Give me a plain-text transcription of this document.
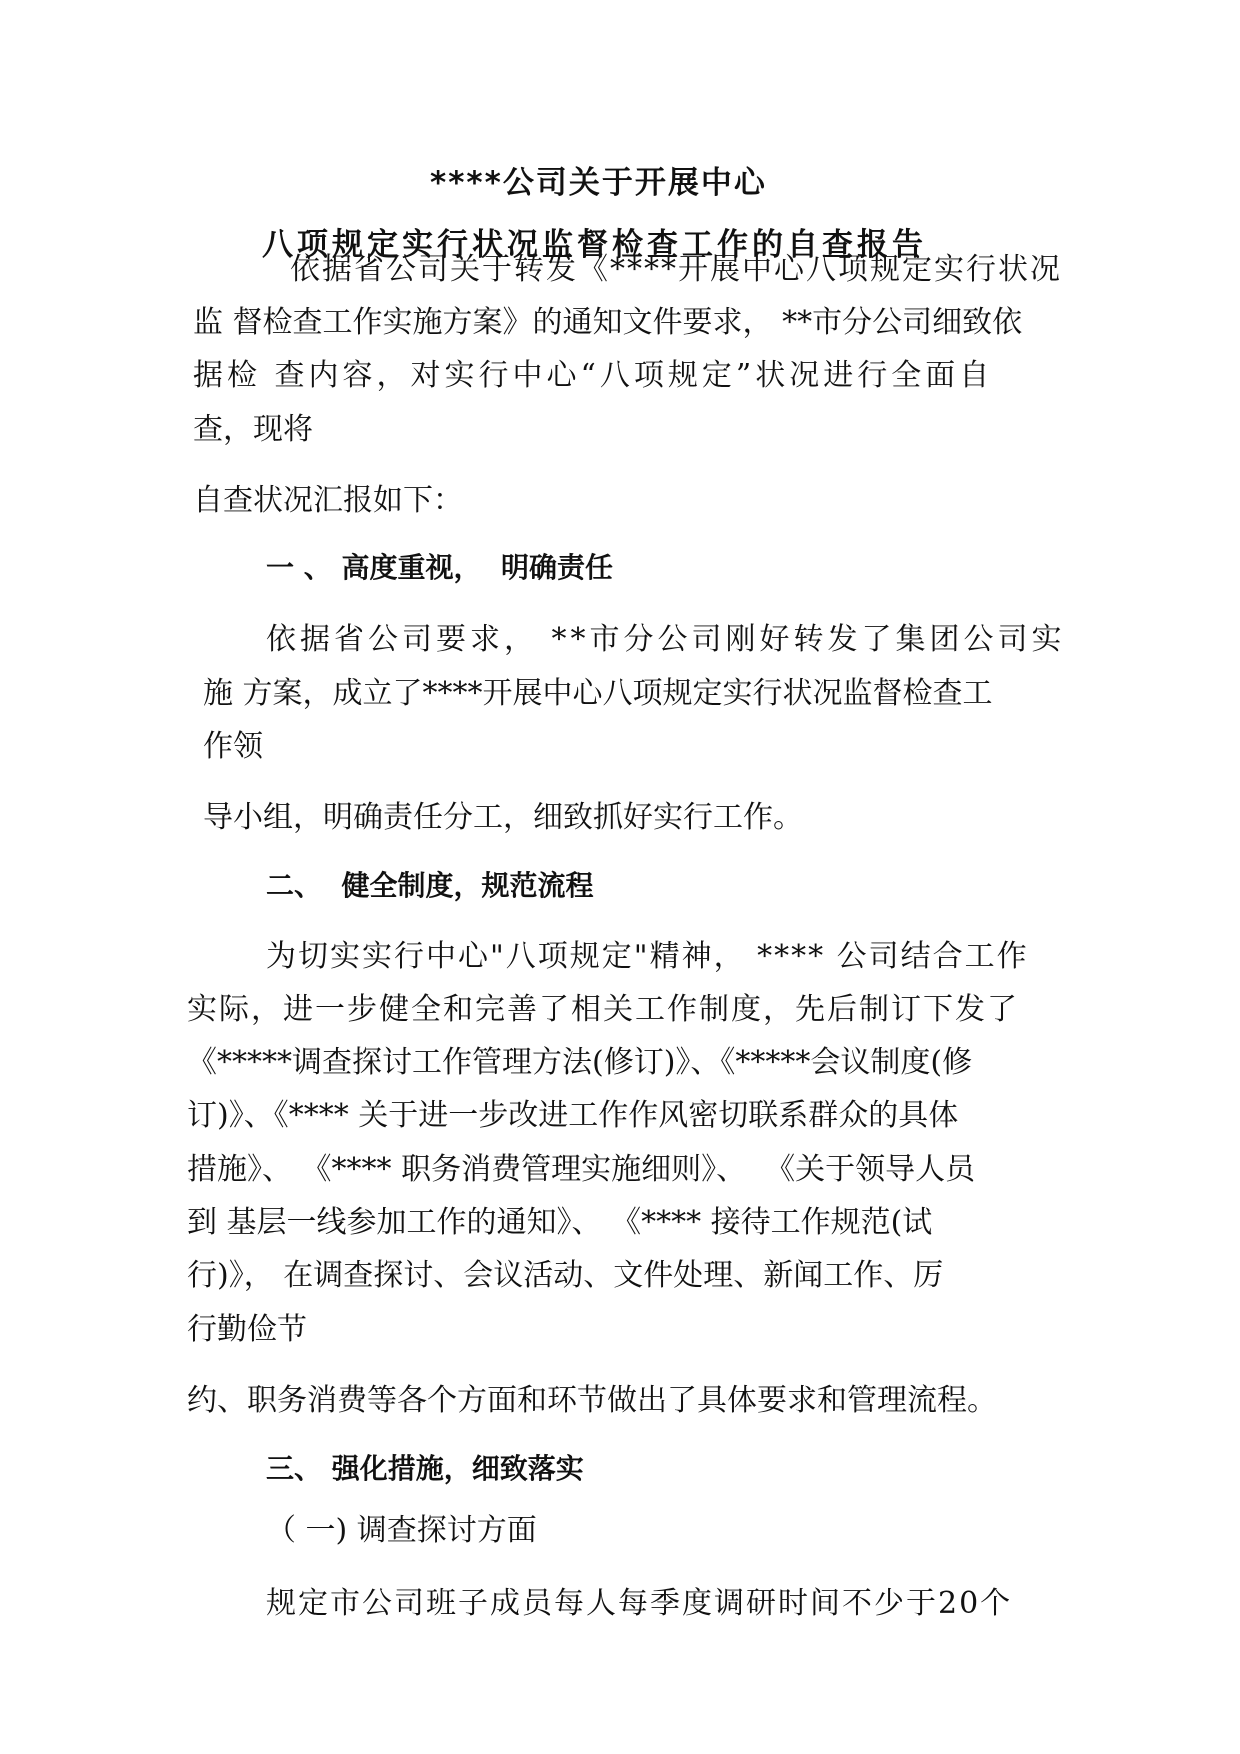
****公司关于开展中心
八项规定实行状况监督检查工作的自查报告
依据省公司关于转发《****开展中心八项规定实行状况
监 督检查工作实施方案》的通知文件要求， **市分公司细致依
据检 查内容，对实行中心“八项规定”状况进行全面自
查，现将
自查状况汇报如下：
一 、 高度重视，  明确责任
依据省公司要求， **市分公司刚好转发了集团公司实
施 方案，成立了****开展中心八项规定实行状况监督检查工
作领
导小组，明确责任分工，细致抓好实行工作。
二、  健全制度，规范流程
为切实实行中心"八项规定"精神， **** 公司结合工作
实际，进一步健全和完善了相关工作制度，先后制订下发了
《*****调查探讨工作管理方法(修订)》、《*****会议制度(修
订)》、《**** 关于进一步改进工作作风密切联系群众的具体
措施》、 《**** 职务消费管理实施细则》、  《关于领导人员
到 基层一线参加工作的通知》、 《**** 接待工作规范(试
行)》， 在调查探讨、会议活动、文件处理、新闻工作、厉
行勤俭节
约、职务消费等各个方面和环节做出了具体要求和管理流程。
三、 强化措施，细致落实
（ 一) 调查探讨方面
规定市公司班子成员每人每季度调研时间不少于20个
